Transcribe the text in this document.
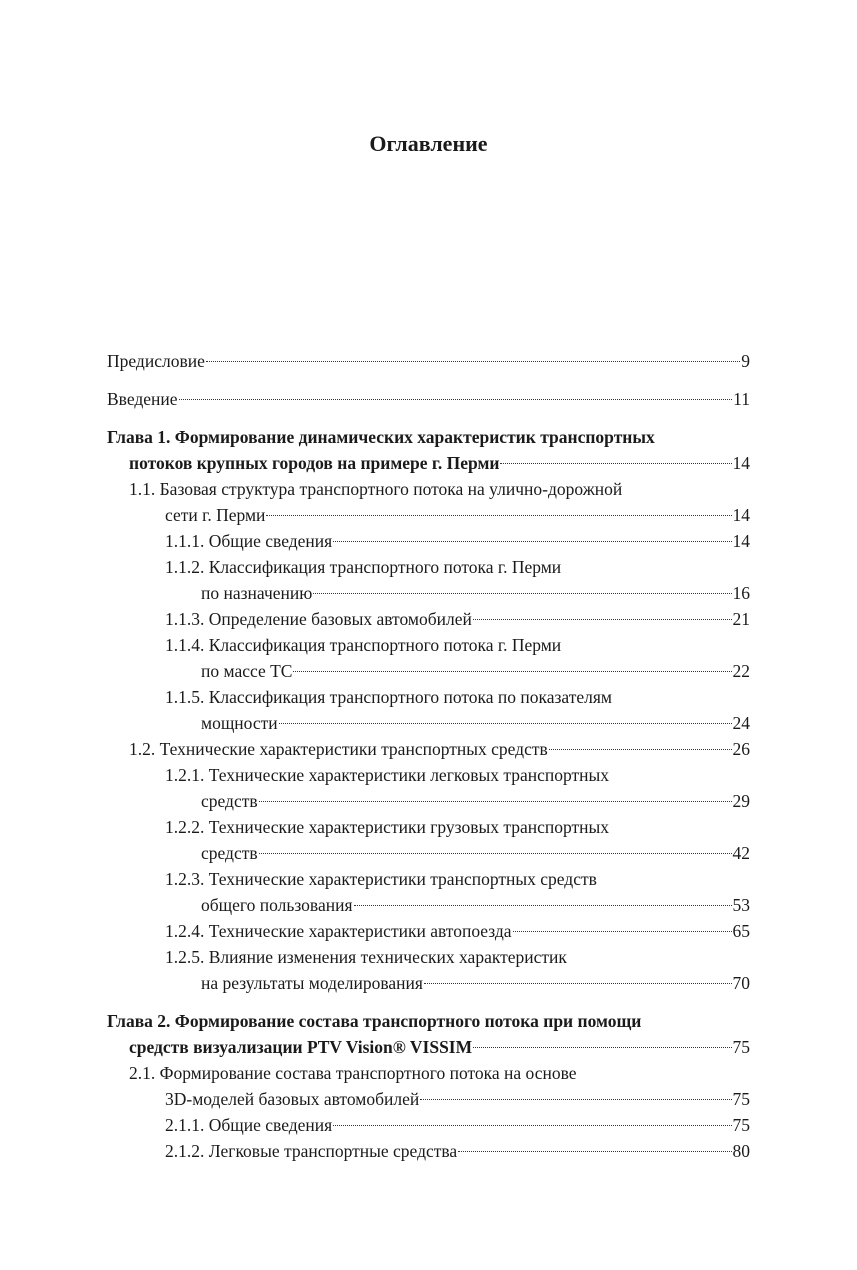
Оглавление
Предисловие	9
Введение	11
Глава 1. Формирование динамических характеристик транспортных
потоков крупных городов на примере г. Перми	14
1.1. Базовая структура транспортного потока на улично-дорожной
сети г. Перми	14
1.1.1. Общие сведения	14
1.1.2. Классификация транспортного потока г. Перми
по назначению	16
1.1.3. Определение базовых автомобилей	21
1.1.4. Классификация транспортного потока г. Перми
по массе ТС	22
1.1.5. Классификация транспортного потока по показателям
мощности	24
1.2. Технические характеристики транспортных средств	26
1.2.1. Технические характеристики легковых транспортных
средств	29
1.2.2. Технические характеристики грузовых транспортных
средств	42
1.2.3. Технические характеристики транспортных средств
общего пользования	53
1.2.4. Технические характеристики автопоезда	65
1.2.5. Влияние изменения технических характеристик
на результаты моделирования	70
Глава 2. Формирование состава транспортного потока при помощи
средств визуализации PTV Vision® VISSIM	75
2.1. Формирование состава транспортного потока на основе
3D-моделей базовых автомобилей	75
2.1.1. Общие сведения	75
2.1.2. Легковые транспортные средства	80
